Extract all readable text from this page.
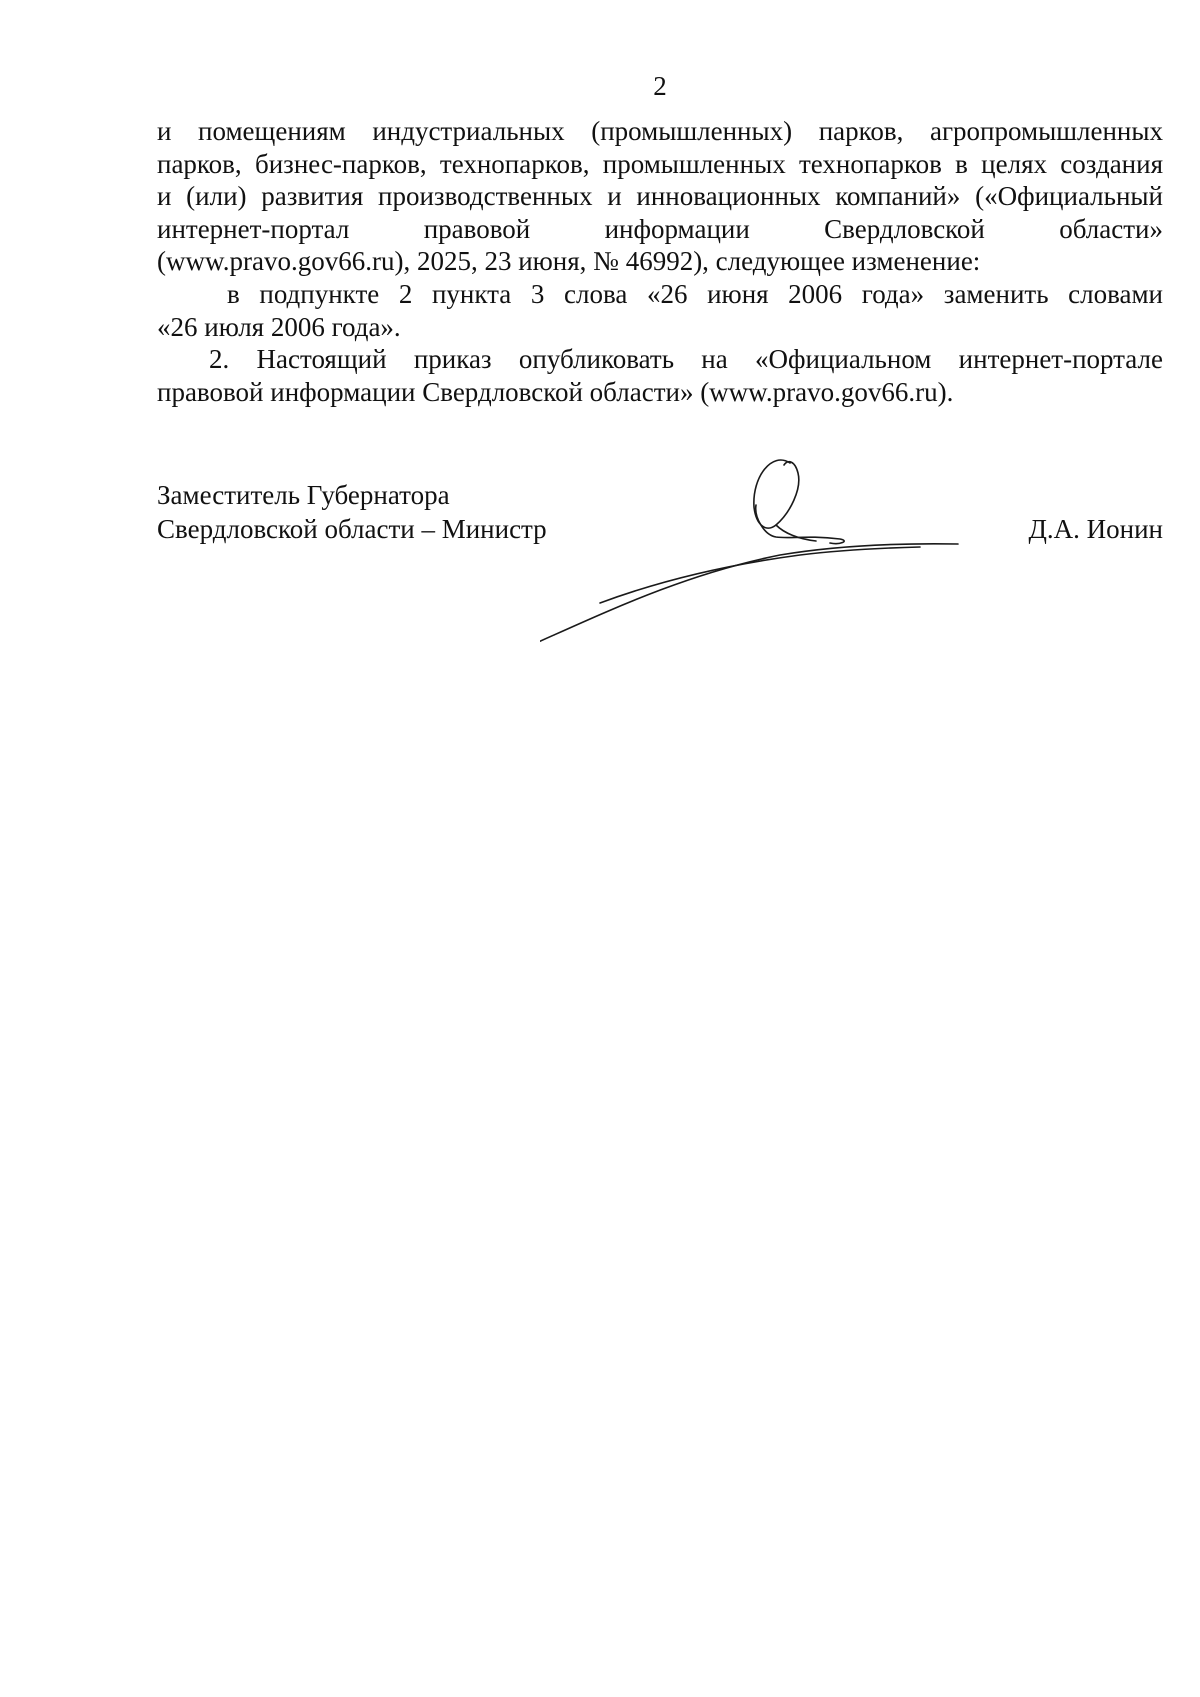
2
и помещениям индустриальных (промышленных) парков, агропромышленных
парков, бизнес-парков, технопарков, промышленных технопарков в целях создания
и (или) развития производственных и инновационных компаний» («Официальный
интернет-портал правовой информации Свердловской области»
(www.pravo.gov66.ru), 2025, 23 июня, № 46992), следующее изменение:
в подпункте 2 пункта 3 слова «26 июня 2006 года» заменить словами
«26 июля 2006 года».
2. Настоящий приказ опубликовать на «Официальном интернет-портале
правовой информации Свердловской области» (www.pravo.gov66.ru).
Заместитель Губернатора
Свердловской области – Министр	Д.А. Ионин
